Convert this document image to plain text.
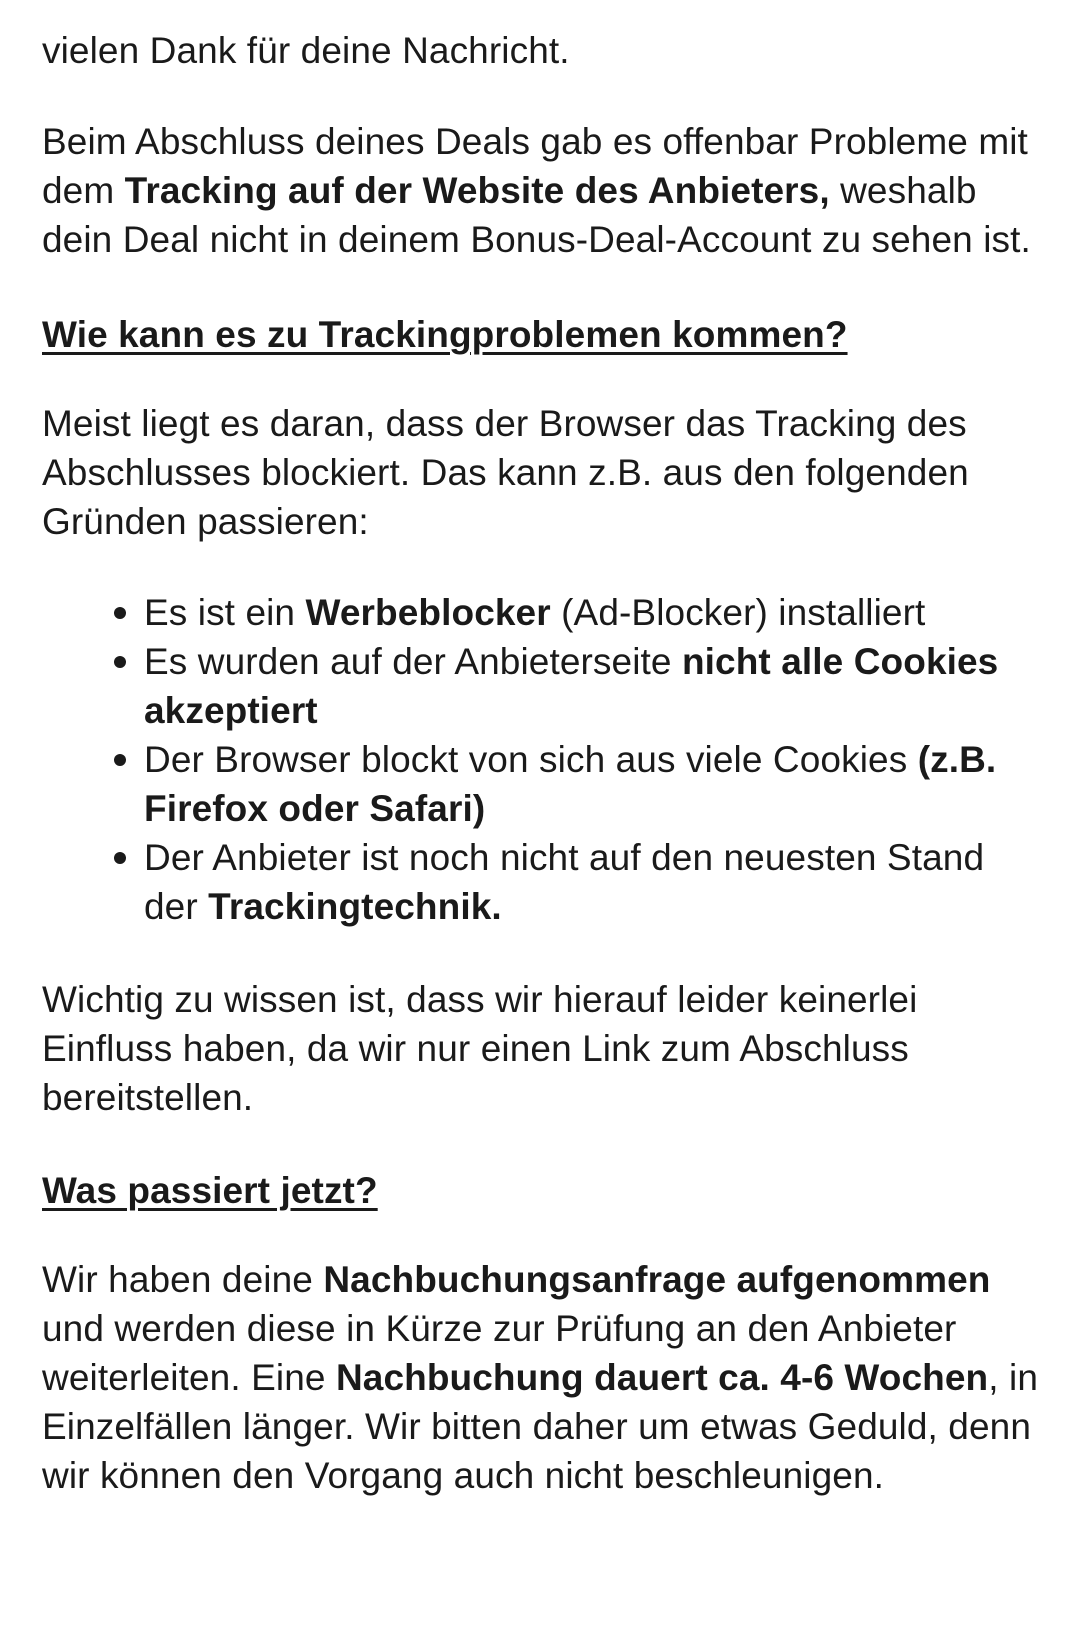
vielen Dank für deine Nachricht.

Beim Abschluss deines Deals gab es offenbar Probleme mit dem Tracking auf der Website des Anbieters, weshalb dein Deal nicht in deinem Bonus-Deal-Account zu sehen ist.

Wie kann es zu Trackingproblemen kommen?

Meist liegt es daran, dass der Browser das Tracking des Abschlusses blockiert. Das kann z.B. aus den folgenden Gründen passieren:

Es ist ein Werbeblocker (Ad-Blocker) installiert
Es wurden auf der Anbieterseite nicht alle Cookies akzeptiert
Der Browser blockt von sich aus viele Cookies (z.B. Firefox oder Safari)
Der Anbieter ist noch nicht auf den neuesten Stand der Trackingtechnik.

Wichtig zu wissen ist, dass wir hierauf leider keinerlei Einfluss haben, da wir nur einen Link zum Abschluss bereitstellen.

Was passiert jetzt?

Wir haben deine Nachbuchungsanfrage aufgenommen und werden diese in Kürze zur Prüfung an den Anbieter weiterleiten. Eine Nachbuchung dauert ca. 4-6 Wochen, in Einzelfällen länger. Wir bitten daher um etwas Geduld, denn wir können den Vorgang auch nicht beschleunigen.
